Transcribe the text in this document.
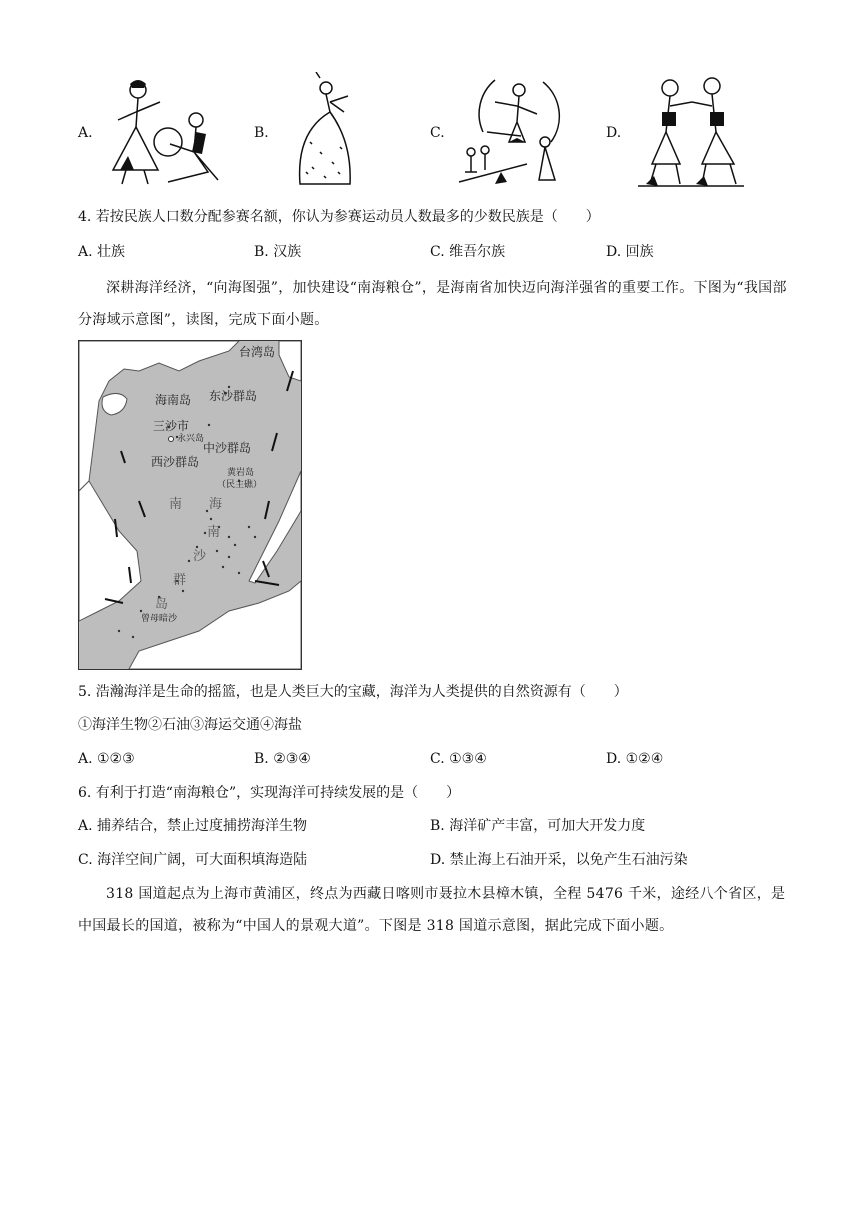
A.	B.	C.	D.
4. 若按民族人口数分配参赛名额，你认为参赛运动员人数最多的少数民族是（　　）
A. 壮族	B. 汉族	C. 维吾尔族	D. 回族
深耕海洋经济，“向海图强”，加快建设“南海粮仓”，是海南省加快迈向海洋强省的重要工作。下图为“我国部分海域示意图”，读图，完成下面小题。
台湾岛
海南岛 东沙群岛
三沙市
永兴岛
中沙群岛
西沙群岛
黄岩岛
（民主礁）
南 海
南
沙
群
岛
曾母暗沙
5. 浩瀚海洋是生命的摇篮，也是人类巨大的宝藏，海洋为人类提供的自然资源有（　　）
①海洋生物②石油③海运交通④海盐
A. ①②③	B. ②③④	C. ①③④	D. ①②④
6. 有利于打造“南海粮仓”，实现海洋可持续发展的是（　　）
A. 捕养结合，禁止过度捕捞海洋生物	B. 海洋矿产丰富，可加大开发力度
C. 海洋空间广阔，可大面积填海造陆	D. 禁止海上石油开采，以免产生石油污染
318 国道起点为上海市黄浦区，终点为西藏日喀则市聂拉木县樟木镇，全程 5476 千米，途经八个省区，是中国最长的国道，被称为“中国人的景观大道”。下图是 318 国道示意图，据此完成下面小题。
